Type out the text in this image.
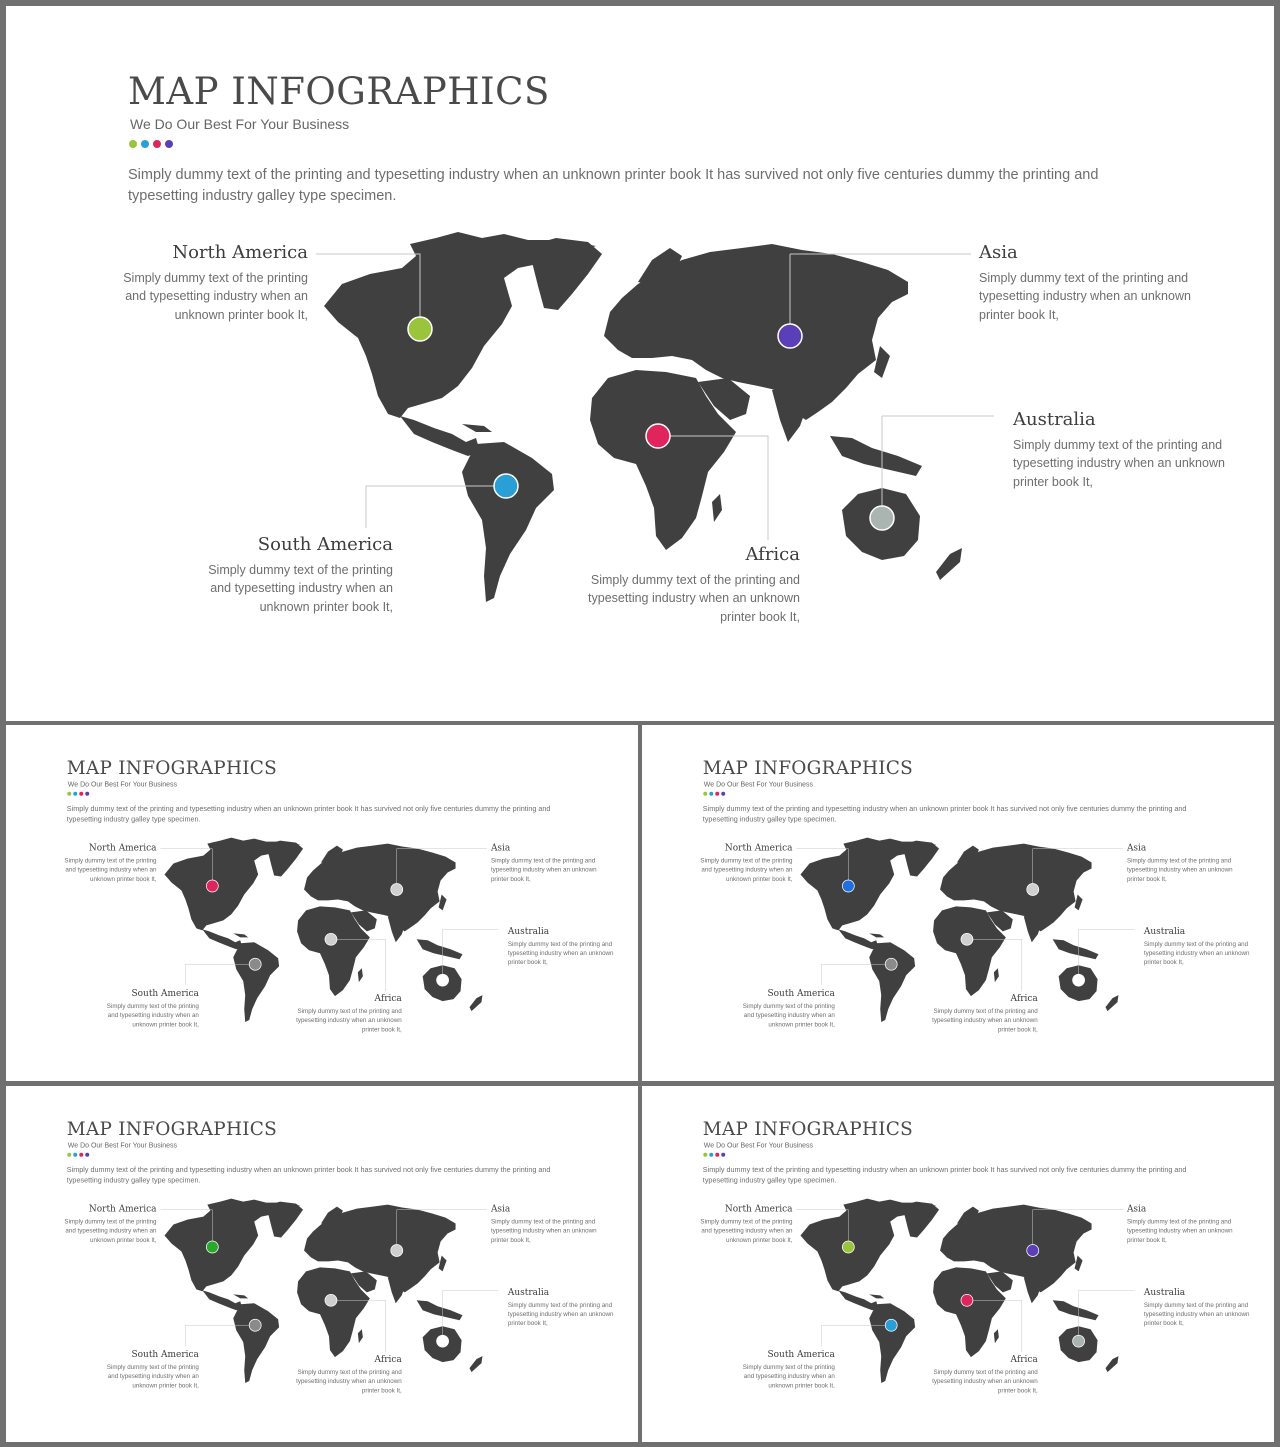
MAP INFOGRAPHICS
We Do Our Best For Your Business
Simply dummy text of the printing and typesetting industry when an unknown printer book It has survived not only five centuries dummy the printing and typesetting industry galley type specimen.
North America

Simply dummy text of the printing and typesetting industry when an unknown printer book It,

Asia

Simply dummy text of the printing and typesetting industry when an unknown printer book It,

Australia

Simply dummy text of the printing and typesetting industry when an unknown printer book It,

South America

Simply dummy text of the printing and typesetting industry when an unknown printer book It,

Africa

Simply dummy text of the printing and typesetting industry when an unknown printer book It,

MAP INFOGRAPHICS
We Do Our Best For Your Business
Simply dummy text of the printing and typesetting industry when an unknown printer book It has survived not only five centuries dummy the printing and typesetting industry galley type specimen.
North America

Simply dummy text of the printing and typesetting industry when an unknown printer book It,

Asia

Simply dummy text of the printing and typesetting industry when an unknown printer book It,

Australia

Simply dummy text of the printing and typesetting industry when an unknown printer book It,

South America

Simply dummy text of the printing and typesetting industry when an unknown printer book It,

Africa

Simply dummy text of the printing and typesetting industry when an unknown printer book It,

MAP INFOGRAPHICS
We Do Our Best For Your Business
Simply dummy text of the printing and typesetting industry when an unknown printer book It has survived not only five centuries dummy the printing and typesetting industry galley type specimen.
North America

Simply dummy text of the printing and typesetting industry when an unknown printer book It,

Asia

Simply dummy text of the printing and typesetting industry when an unknown printer book It,

Australia

Simply dummy text of the printing and typesetting industry when an unknown printer book It,

South America

Simply dummy text of the printing and typesetting industry when an unknown printer book It,

Africa

Simply dummy text of the printing and typesetting industry when an unknown printer book It,

MAP INFOGRAPHICS
We Do Our Best For Your Business
Simply dummy text of the printing and typesetting industry when an unknown printer book It has survived not only five centuries dummy the printing and typesetting industry galley type specimen.
North America

Simply dummy text of the printing and typesetting industry when an unknown printer book It,

Asia

Simply dummy text of the printing and typesetting industry when an unknown printer book It,

Australia

Simply dummy text of the printing and typesetting industry when an unknown printer book It,

South America

Simply dummy text of the printing and typesetting industry when an unknown printer book It,

Africa

Simply dummy text of the printing and typesetting industry when an unknown printer book It,

MAP INFOGRAPHICS
We Do Our Best For Your Business
Simply dummy text of the printing and typesetting industry when an unknown printer book It has survived not only five centuries dummy the printing and typesetting industry galley type specimen.
North America

Simply dummy text of the printing and typesetting industry when an unknown printer book It,

Asia

Simply dummy text of the printing and typesetting industry when an unknown printer book It,

Australia

Simply dummy text of the printing and typesetting industry when an unknown printer book It,

South America

Simply dummy text of the printing and typesetting industry when an unknown printer book It,

Africa

Simply dummy text of the printing and typesetting industry when an unknown printer book It,
